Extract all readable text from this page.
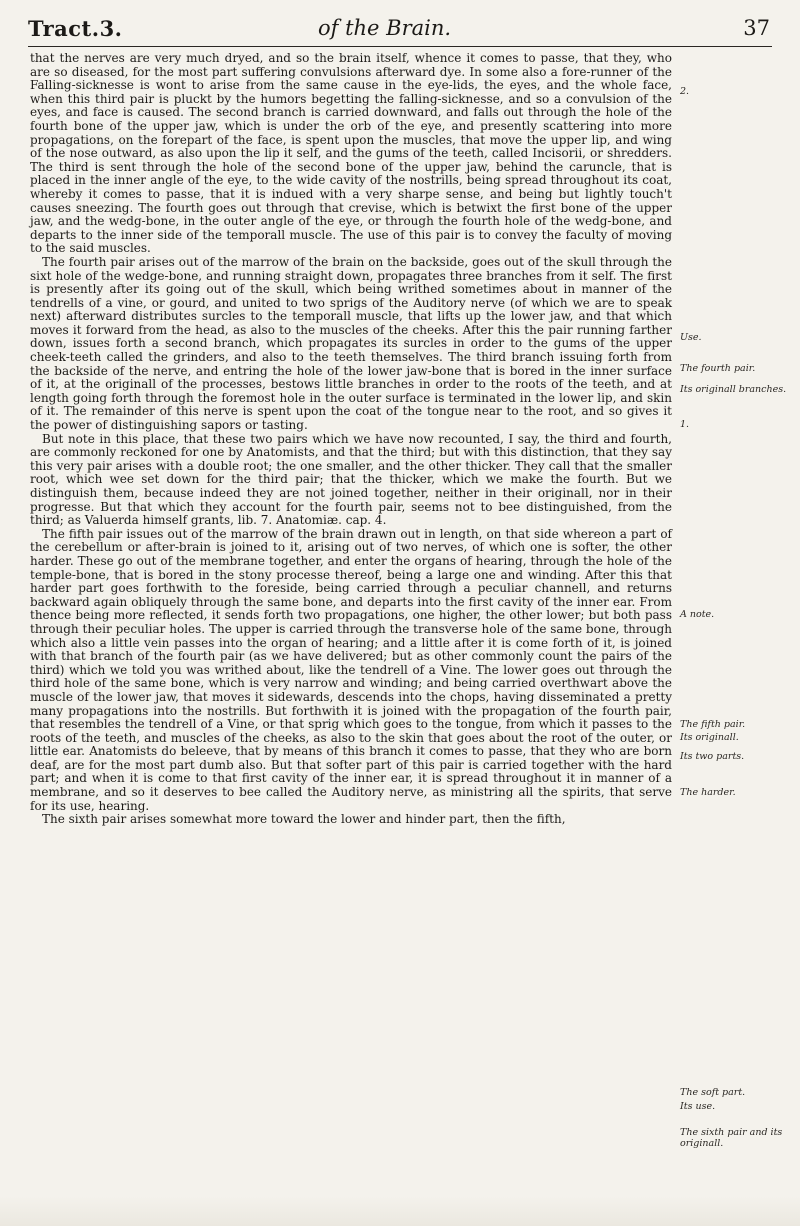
Tract.3.	of the Brain.	37

that the nerves are very much dryed, and so the brain itself, whence it comes to passe, that they, who are so diseased, for the most part suffering convulsions afterward dye. In some also a fore-runner of the Falling-sicknesse is wont to arise from the same cause in the eye-lids, the eyes, and the whole face, when this third pair is pluckt by the humors begetting the falling-sicknesse, and so a convulsion of the eyes, and face is caused. The second branch is carried downward, and falls out through the hole of the fourth bone of the upper jaw, which is under the orb of the eye, and presently scattering into more propagations, on the forepart of the face, is spent upon the muscles, that move the upper lip, and wing of the nose outward, as also upon the lip it self, and the gums of the teeth, called Incisorii, or shredders. The third is sent through the hole of the second bone of the upper jaw, behind the caruncle, that is placed in the inner angle of the eye, to the wide cavity of the nostrills, being spread throughout its coat, whereby it comes to passe, that it is indued with a very sharpe sense, and being but lightly touch't causes sneezing. The fourth goes out through that crevise, which is betwixt the first bone of the upper jaw, and the wedg-bone, in the outer angle of the eye, or through the fourth hole of the wedg-bone, and departs to the inner side of the temporall muscle. The use of this pair is to convey the faculty of moving to the said muscles.

The fourth pair arises out of the marrow of the brain on the backside, goes out of the skull through the sixt hole of the wedge-bone, and running straight down, propagates three branches from it self. The first is presently after its going out of the skull, which being writhed sometimes about in manner of the tendrells of a vine, or gourd, and united to two sprigs of the Auditory nerve (of which we are to speak next) afterward distributes surcles to the temporall muscle, that lifts up the lower jaw, and that which moves it forward from the head, as also to the muscles of the cheeks. After this the pair running farther down, issues forth a second branch, which propagates its surcles in order to the gums of the upper cheek-teeth called the grinders, and also to the teeth themselves. The third branch issuing forth from the backside of the nerve, and entring the hole of the lower jaw-bone that is bored in the inner surface of it, at the originall of the processes, bestows little branches in order to the roots of the teeth, and at length going forth through the foremost hole in the outer surface is terminated in the lower lip, and skin of it. The remainder of this nerve is spent upon the coat of the tongue near to the root, and so gives it the power of distinguishing sapors or tasting.

But note in this place, that these two pairs which we have now recounted, I say, the third and fourth, are commonly reckoned for one by Anatomists, and that the third; but with this distinction, that they say this very pair arises with a double root; the one smaller, and the other thicker. They call that the smaller root, which wee set down for the third pair; that the thicker, which we make the fourth. But we distinguish them, because indeed they are not joined together, neither in their originall, nor in their progresse. But that which they account for the fourth pair, seems not to bee distinguished, from the third; as Valuerda himself grants, lib. 7. Anatomiæ. cap. 4.

The fifth pair issues out of the marrow of the brain drawn out in length, on that side whereon a part of the cerebellum or after-brain is joined to it, arising out of two nerves, of which one is softer, the other harder. These go out of the membrane together, and enter the organs of hearing, through the hole of the temple-bone, that is bored in the stony processe thereof, being a large one and winding. After this that harder part goes forthwith to the foreside, being carried through a peculiar channell, and returns backward again obliquely through the same bone, and departs into the first cavity of the inner ear. From thence being more reflected, it sends forth two propagations, one higher, the other lower; but both pass through their peculiar holes. The upper is carried through the transverse hole of the same bone, through which also a little vein passes into the organ of hearing; and a little after it is come forth of it, is joined with that branch of the fourth pair (as we have delivered; but as other commonly count the pairs of the third) which we told you was writhed about, like the tendrell of a Vine. The lower goes out through the third hole of the same bone, which is very narrow and winding; and being carried overthwart above the muscle of the lower jaw, that moves it sidewards, descends into the chops, having disseminated a pretty many propagations into the nostrills. But forthwith it is joined with the propagation of the fourth pair, that resembles the tendrell of a Vine, or that sprig which goes to the tongue, from which it passes to the roots of the teeth, and muscles of the cheeks, as also to the skin that goes about the root of the outer, or little ear. Anatomists do beleeve, that by means of this branch it comes to passe, that they who are born deaf, are for the most part dumb also. But that softer part of this pair is carried together with the hard part; and when it is come to that first cavity of the inner ear, it is spread throughout it in manner of a membrane, and so it deserves to bee called the Auditory nerve, as ministring all the spirits, that serve for its use, hearing.

The sixth pair arises somewhat more toward the lower and hinder part, then the fifth,

2.
Use.
The fourth pair.
Its originall branches.
1.
A note.
The fifth pair.
Its originall.
Its two parts.
The harder.
The soft part.
Its use.
The sixth pair and its originall.
